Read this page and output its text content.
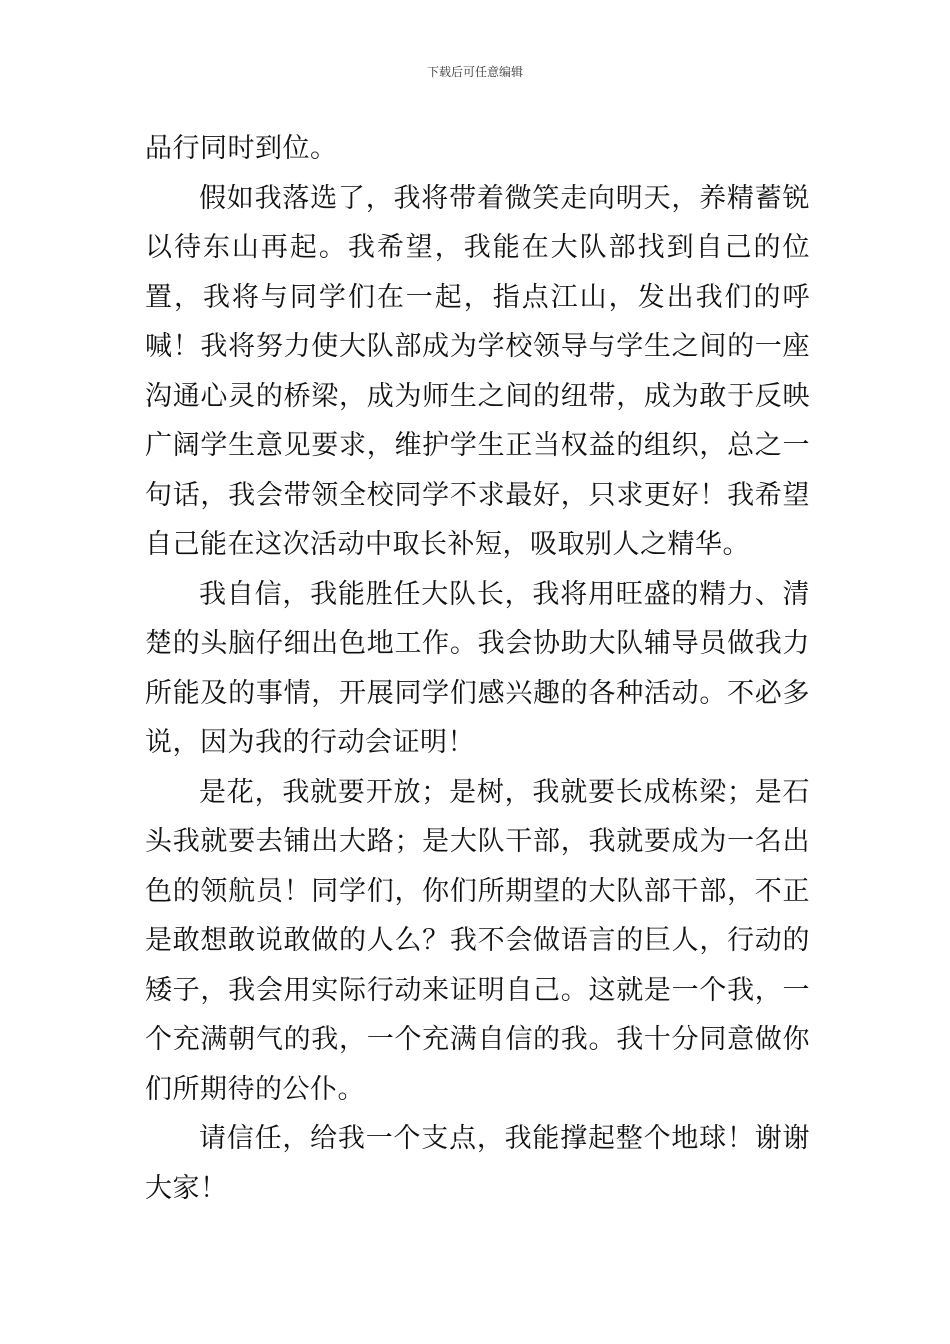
下载后可任意编辑

品行同时到位。

假如我落选了，我将带着微笑走向明天，养精蓄锐以待东山再起。我希望，我能在大队部找到自己的位置，我将与同学们在一起，指点江山，发出我们的呼喊！我将努力使大队部成为学校领导与学生之间的一座沟通心灵的桥梁，成为师生之间的纽带，成为敢于反映广阔学生意见要求，维护学生正当权益的组织，总之一句话，我会带领全校同学不求最好，只求更好！我希望自己能在这次活动中取长补短，吸取别人之精华。

我自信，我能胜任大队长，我将用旺盛的精力、清楚的头脑仔细出色地工作。我会协助大队辅导员做我力所能及的事情，开展同学们感兴趣的各种活动。不必多说，因为我的行动会证明！

是花，我就要开放；是树，我就要长成栋梁；是石头我就要去铺出大路；是大队干部，我就要成为一名出色的领航员！同学们，你们所期望的大队部干部，不正是敢想敢说敢做的人么？我不会做语言的巨人，行动的矮子，我会用实际行动来证明自己。这就是一个我，一个充满朝气的我，一个充满自信的我。我十分同意做你们所期待的公仆。

请信任，给我一个支点，我能撑起整个地球！谢谢大家！
